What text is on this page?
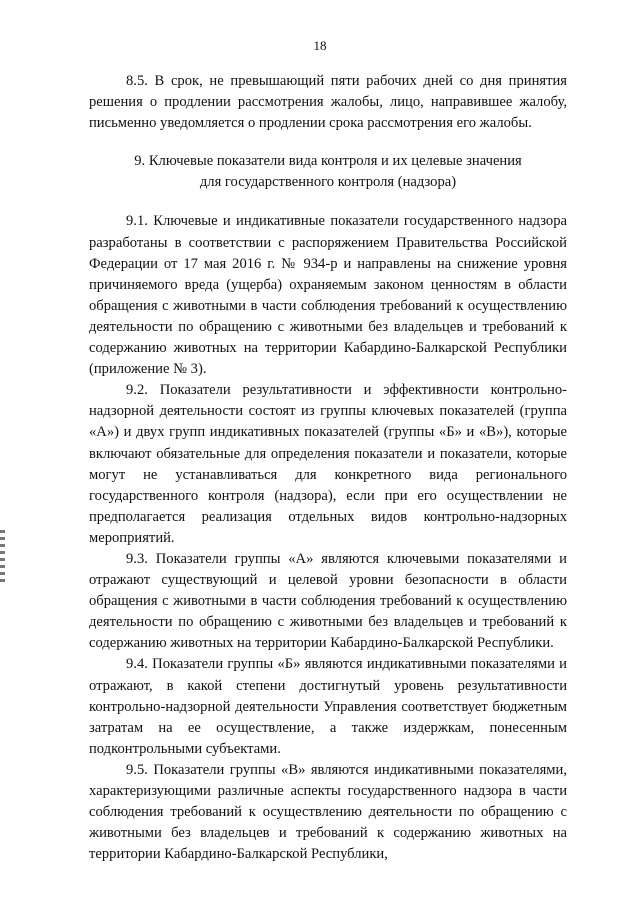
18

8.5. В срок, не превышающий пяти рабочих дней со дня принятия решения о продлении рассмотрения жалобы, лицо, направившее жалобу, письменно уведомляется о продлении срока рассмотрения его жалобы.

9. Ключевые показатели вида контроля и их целевые значения
для государственного контроля (надзора)

9.1. Ключевые и индикативные показатели государственного надзора разработаны в соответствии с распоряжением Правительства Российской Федерации от 17 мая 2016 г. № 934-р и направлены на снижение уровня причиняемого вреда (ущерба) охраняемым законом ценностям в области обращения с животными в части соблюдения требований к осуществлению деятельности по обращению с животными без владельцев и требований к содержанию животных на территории Кабардино-Балкарской Республики (приложение № 3).

9.2. Показатели результативности и эффективности контрольно-надзорной деятельности состоят из группы ключевых показателей (группа «А») и двух групп индикативных показателей (группы «Б» и «В»), которые включают обязательные для определения показатели и показатели, которые могут не устанавливаться для конкретного вида регионального государственного контроля (надзора), если при его осуществлении не предполагается реализация отдельных видов контрольно-надзорных мероприятий.

9.3. Показатели группы «А» являются ключевыми показателями и отражают существующий и целевой уровни безопасности в области обращения с животными в части соблюдения требований к осуществлению деятельности по обращению с животными без владельцев и требований к содержанию животных на территории Кабардино-Балкарской Республики.

9.4. Показатели группы «Б» являются индикативными показателями и отражают, в какой степени достигнутый уровень результативности контрольно-надзорной деятельности Управления соответствует бюджетным затратам на ее осуществление, а также издержкам, понесенным подконтрольными субъектами.

9.5. Показатели группы «В» являются индикативными показателями, характеризующими различные аспекты государственного надзора в части соблюдения требований к осуществлению деятельности по обращению с животными без владельцев и требований к содержанию животных на территории Кабардино-Балкарской Республики,
